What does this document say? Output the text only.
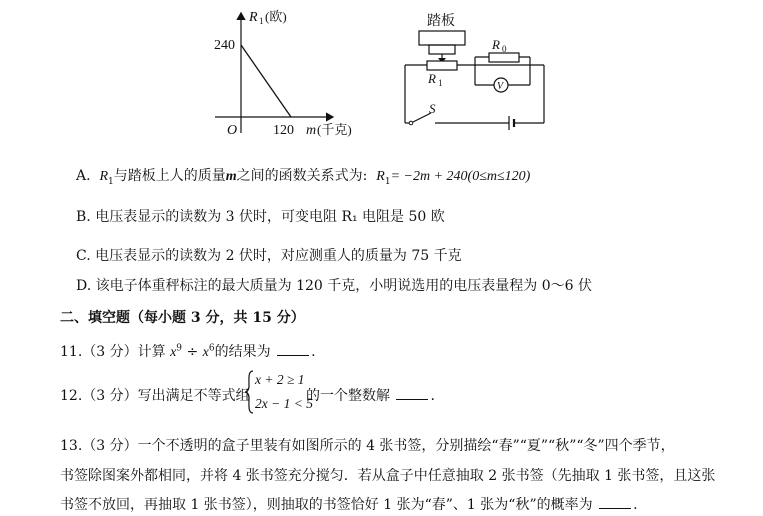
R 1 (欧)
240
O	120 m (千克)
踏板
R 1
R 0
V
S
A. $R_1$与踏板上人的质量m之间的函数关系式为: $R_1= -2m + 240(0\le m\le 120)$
B. 电压表显示的读数为 3 伏时，可变电阻 R₁ 电阻是 50 欧
C. 电压表显示的读数为 2 伏时，对应测重人的质量为 75 千克
D. 该电子体重秤标注的最大质量为 120 千克，小明说选用的电压表量程为 0～6 伏
二、填空题（每小题 3 分，共 15 分）
11.（3 分）计算 $x^9 \div x^6$的结果为	.
12.（3 分）写出满足不等式组
x + 2 ≥ 1
2x − 1 < 5
的一个整数解	.
13.（3 分）一个不透明的盒子里装有如图所示的 4 张书签，分别描绘“春”“夏”“秋”“冬”四个季节，
书签除图案外都相同，并将 4 张书签充分搅匀．若从盒子中任意抽取 2 张书签（先抽取 1 张书签，且这张
书签不放回，再抽取 1 张书签），则抽取的书签恰好 1 张为“春”、1 张为“秋”的概率为	.
